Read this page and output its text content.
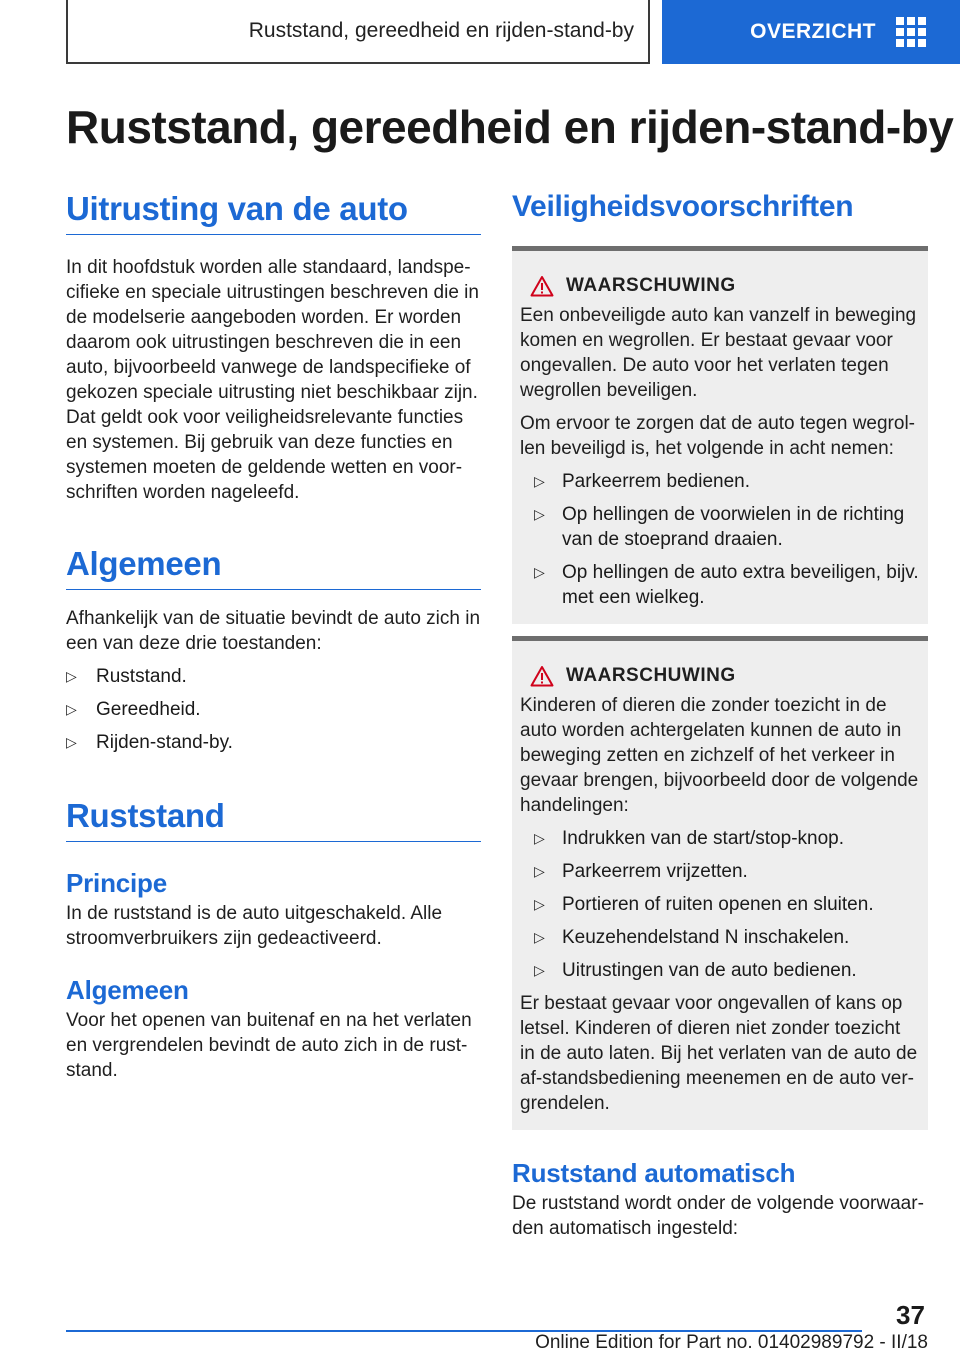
Ruststand, gereedheid en rijden-stand-by	OVERZICHT
Ruststand, gereedheid en rijden-stand-by
Uitrusting van de auto

In dit hoofdstuk worden alle standaard, landspe-cifieke en speciale uitrustingen beschreven die in de modelserie aangeboden worden. Er worden daarom ook uitrustingen beschreven die in een auto, bijvoorbeeld vanwege de landspecifieke of gekozen speciale uitrusting niet beschikbaar zijn. Dat geldt ook voor veiligheidsrelevante functies en systemen. Bij gebruik van deze functies en systemen moeten de geldende wetten en voor-schriften worden nageleefd.

Algemeen

Afhankelijk van de situatie bevindt de auto zich in een van deze drie toestanden:

▷ Ruststand.
▷ Gereedheid.
▷ Rijden-stand-by.
Ruststand
Principe

In de ruststand is de auto uitgeschakeld. Alle stroomverbruikers zijn gedeactiveerd.

Algemeen

Voor het openen van buitenaf en na het verlaten en vergrendelen bevindt de auto zich in de rust-stand.

Veiligheidsvoorschriften
WAARSCHUWING

Een onbeveiligde auto kan vanzelf in beweging komen en wegrollen. Er bestaat gevaar voor ongevallen. De auto voor het verlaten tegen wegrollen beveiligen.

Om ervoor te zorgen dat de auto tegen wegrol-len beveiligd is, het volgende in acht nemen:

▷ Parkeerrem bedienen.
▷ Op hellingen de voorwielen in de richting van de stoeprand draaien.
▷ Op hellingen de auto extra beveiligen, bijv. met een wielkeg.
WAARSCHUWING

Kinderen of dieren die zonder toezicht in de auto worden achtergelaten kunnen de auto in beweging zetten en zichzelf of het verkeer in gevaar brengen, bijvoorbeeld door de volgende handelingen:

▷ Indrukken van de start/stop-knop.
▷ Parkeerrem vrijzetten.
▷ Portieren of ruiten openen en sluiten.
▷ Keuzehendelstand N inschakelen.
▷ Uitrustingen van de auto bedienen.

Er bestaat gevaar voor ongevallen of kans op letsel. Kinderen of dieren niet zonder toezicht in de auto laten. Bij het verlaten van de auto de af-standsbediening meenemen en de auto ver-grendelen.

Ruststand automatisch

De ruststand wordt onder de volgende voorwaar-den automatisch ingesteld:

37
Online Edition for Part no. 01402989792 - II/18
